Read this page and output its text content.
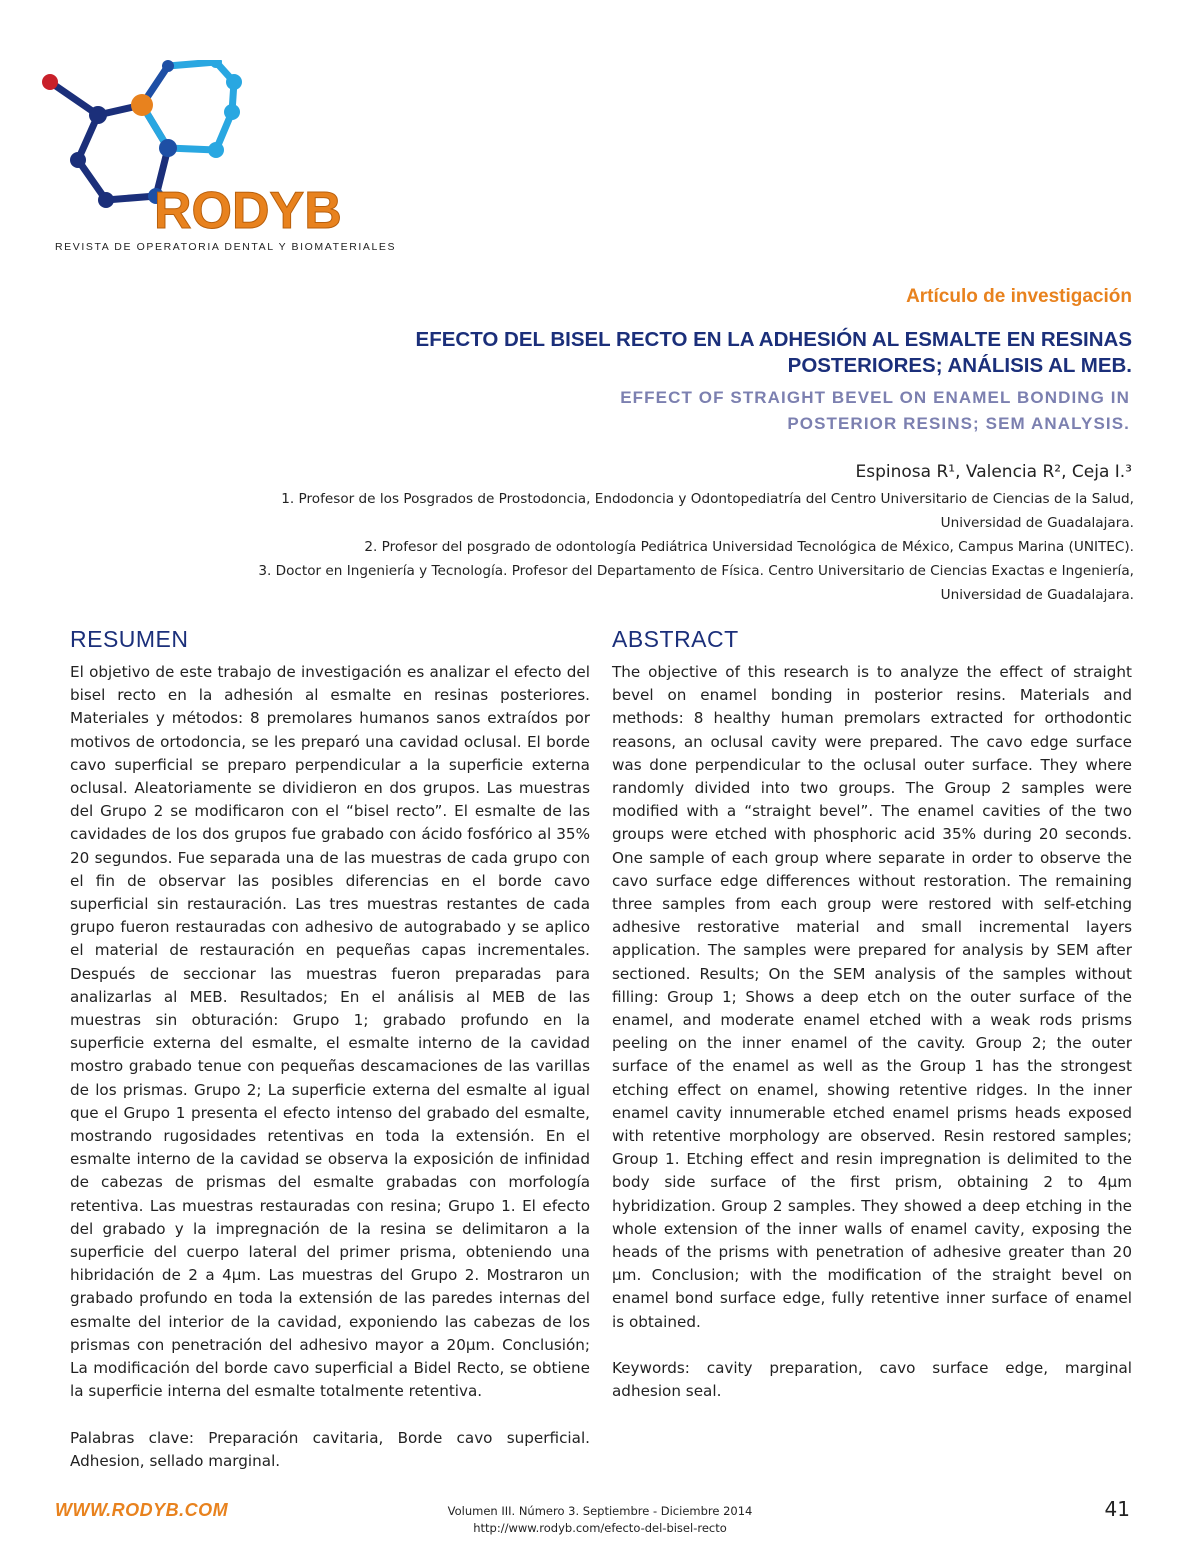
RODYB
REVISTA DE OPERATORIA DENTAL Y BIOMATERIALES
Artículo de investigación
EFECTO DEL BISEL RECTO EN LA ADHESIÓN AL ESMALTE EN RESINAS
POSTERIORES; ANÁLISIS AL MEB.
EFFECT OF STRAIGHT BEVEL ON ENAMEL BONDING IN
POSTERIOR RESINS; SEM ANALYSIS.
Espinosa R¹, Valencia R², Ceja I.³
1. Profesor de los Posgrados de Prostodoncia, Endodoncia y Odontopediatría del Centro Universitario de Ciencias de la Salud,
Universidad de Guadalajara.
2. Profesor del posgrado de odontología Pediátrica Universidad Tecnológica de México, Campus Marina (UNITEC).
3. Doctor en Ingeniería y Tecnología. Profesor del Departamento de Física. Centro Universitario de Ciencias Exactas e Ingeniería,
Universidad de Guadalajara.
RESUMEN

El objetivo de este trabajo de investigación es analizar el efecto del bisel recto en la adhesión al esmalte en resinas posteriores. Materiales y métodos: 8 premolares humanos sanos extraídos por motivos de ortodoncia, se les preparó una cavidad oclusal. El borde cavo superficial se preparo perpendicular a la superficie externa oclusal. Aleatoriamente se dividieron en dos grupos. Las muestras del Grupo 2 se modificaron con el “bisel recto”. El esmalte de las cavidades de los dos grupos fue grabado con ácido fosfórico al 35% 20 segundos. Fue separada una de las muestras de cada grupo con el fin de observar las posibles diferencias en el borde cavo superficial sin restauración. Las tres muestras restantes de cada grupo fueron restauradas con adhesivo de autograbado y se aplico el material de restauración en pequeñas capas incrementales. Después de seccionar las muestras fueron preparadas para analizarlas al MEB. Resultados; En el análisis al MEB de las muestras sin obturación: Grupo 1; grabado profundo en la superficie externa del esmalte, el esmalte interno de la cavidad mostro grabado tenue con pequeñas descamaciones de las varillas de los prismas. Grupo 2; La superficie externa del esmalte al igual que el Grupo 1 presenta el efecto intenso del grabado del esmalte, mostrando rugosidades retentivas en toda la extensión. En el esmalte interno de la cavidad se observa la exposición de infinidad de cabezas de prismas del esmalte grabadas con morfología retentiva. Las muestras restauradas con resina; Grupo 1. El efecto del grabado y la impregnación de la resina se delimitaron a la superficie del cuerpo lateral del primer prisma, obteniendo una hibridación de 2 a 4µm. Las muestras del Grupo 2. Mostraron un grabado profundo en toda la extensión de las paredes internas del esmalte del interior de la cavidad, exponiendo las cabezas de los prismas con penetración del adhesivo mayor a 20µm. Conclusión; La modificación del borde cavo superficial a Bidel Recto, se obtiene la superficie interna del esmalte totalmente retentiva.

Palabras clave: Preparación cavitaria, Borde cavo superficial. Adhesion, sellado marginal.

ABSTRACT

The objective of this research is to analyze the effect of straight bevel on enamel bonding in posterior resins. Materials and methods: 8 healthy human premolars extracted for orthodontic reasons, an oclusal cavity were prepared. The cavo edge surface was done perpendicular to the oclusal outer surface. They where randomly divided into two groups. The Group 2 samples were modified with a “straight bevel”. The enamel cavities of the two groups were etched with phosphoric acid 35% during 20 seconds. One sample of each group where separate in order to observe the cavo surface edge differences without restoration. The remaining three samples from each group were restored with self-etching adhesive restorative material and small incremental layers application. The samples were prepared for analysis by SEM after sectioned. Results; On the SEM analysis of the samples without filling: Group 1; Shows a deep etch on the outer surface of the enamel, and moderate enamel etched with a weak rods prisms peeling on the inner enamel of the cavity. Group 2; the outer surface of the enamel as well as the Group 1 has the strongest etching effect on enamel, showing retentive ridges. In the inner enamel cavity innumerable etched enamel prisms heads exposed with retentive morphology are observed. Resin restored samples; Group 1. Etching effect and resin impregnation is delimited to the body side surface of the first prism, obtaining 2 to 4µm hybridization. Group 2 samples. They showed a deep etching in the whole extension of the inner walls of enamel cavity, exposing the heads of the prisms with penetration of adhesive greater than 20 µm. Conclusion; with the modification of the straight bevel on enamel bond surface edge, fully retentive inner surface of enamel is obtained.

Keywords: cavity preparation, cavo surface edge, marginal adhesion seal.

WWW.RODYB.COM	Volumen III. Número 3. Septiembre - Diciembre 2014
http://www.rodyb.com/efecto-del-bisel-recto
41
